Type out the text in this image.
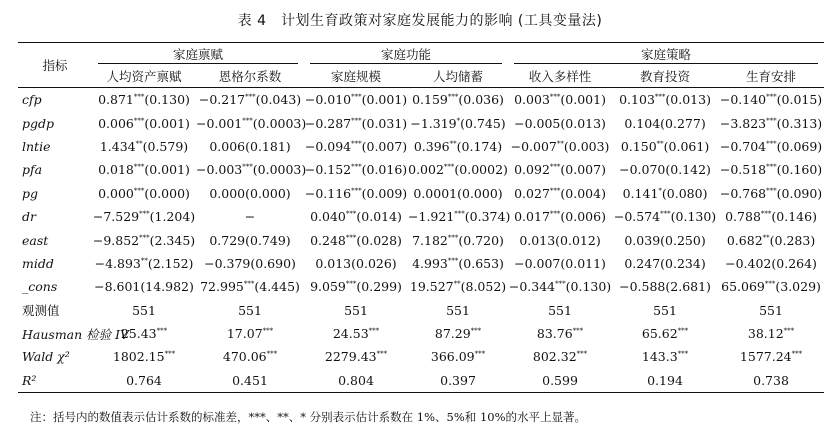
表 4　计划生育政策对家庭发展能力的影响 (工具变量法)
指标	家庭禀赋		家庭功能		家庭策略		

	人均资产禀赋	恩格尔系数	家庭规模	人均储蓄	收入多样性	教育投资	生育安排
cfp	0.871***(0.130)	−0.217***(0.043)	−0.010***(0.001)	0.159***(0.036)	0.003***(0.001)	0.103***(0.013)	−0.140***(0.015)
pgdp	0.006***(0.001)	−0.001***(0.0003)	−0.287***(0.031)	−1.319*(0.745)	−0.005(0.013)	0.104(0.277)	−3.823***(0.313)
lntie	1.434**(0.579)	0.006(0.181)	−0.094***(0.007)	0.396**(0.174)	−0.007**(0.003)	0.150**(0.061)	−0.704***(0.069)
pfa	0.018***(0.001)	−0.003***(0.0003)	−0.152***(0.016)	0.002***(0.0002)	0.092***(0.007)	−0.070(0.142)	−0.518***(0.160)
pg	0.000***(0.000)	0.000(0.000)	−0.116***(0.009)	0.0001(0.000)	0.027***(0.004)	0.141*(0.080)	−0.768***(0.090)
dr	−7.529***(1.204)	−	0.040***(0.014)	−1.921***(0.374)	0.017***(0.006)	−0.574***(0.130)	0.788***(0.146)
east	−9.852***(2.345)	0.729(0.749)	0.248***(0.028)	7.182***(0.720)	0.013(0.012)	0.039(0.250)	0.682**(0.283)
midd	−4.893**(2.152)	−0.379(0.690)	0.013(0.026)	4.993***(0.653)	−0.007(0.011)	0.247(0.234)	−0.402(0.264)
_cons	−8.601(14.982)	72.995***(4.445)	9.059***(0.299)	19.527**(8.052)	−0.344***(0.130)	−0.588(2.681)	65.069***(3.029)
观测值	551	551	551	551	551	551	551
Hausman 检验 IV	25.43***	17.07***	24.53***	87.29***	83.76***	65.62***	38.12***
Wald χ²	1802.15***	470.06***	2279.43***	366.09***	802.32***	143.3***	1577.24***
R²	0.764	0.451	0.804	0.397	0.599	0.194	0.738
注：括号内的数值表示估计系数的标准差，***、**、* 分别表示估计系数在 1%、5%和 10%的水平上显著。
